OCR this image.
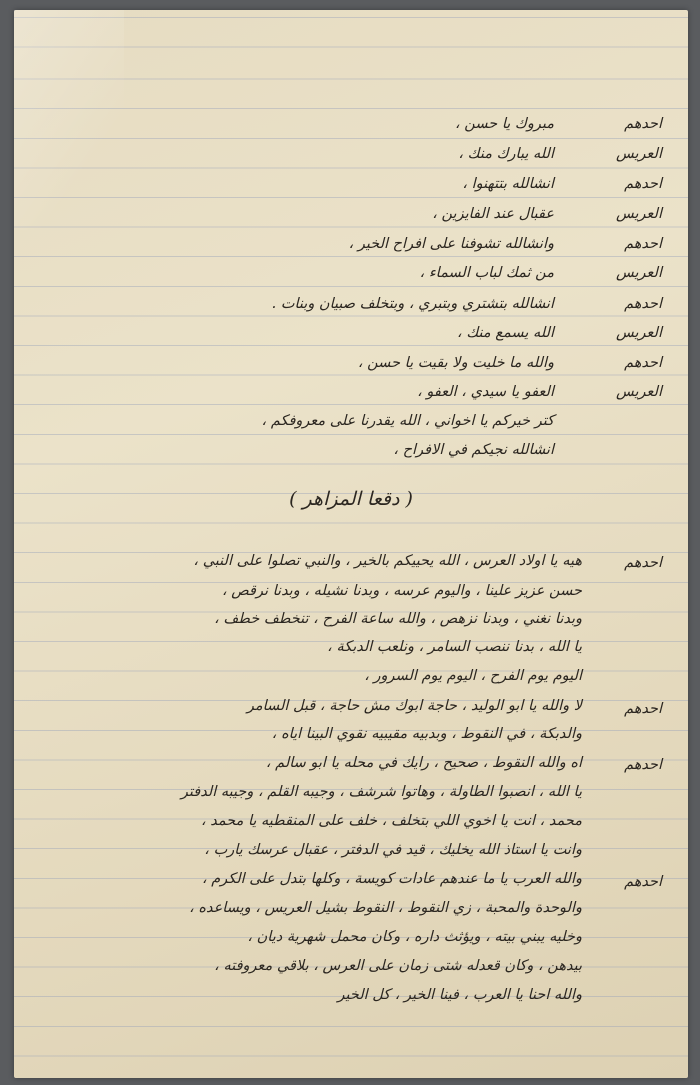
احدهم
مبروك يا حسن ،
العريس
الله يبارك منك ،
احدهم
انشالله بتتهنوا ،
العريس
عقبال عند الفايزين ،
احدهم
وانشالله تشوفنا على افراح الخير ،
العريس
من ثمك لباب السماء ،
احدهم
انشالله بتشتري وبتبري ، وبتخلف صبيان وبنات .
العريس
الله يسمع منك ،
احدهم
والله ما خليت ولا بقيت يا حسن ،
العريس
العفو يا سيدي ، العفو ،
كتر خيركم يا اخواني ، الله يقدرنا على معروفكم ،
انشالله نجيكم في الافراح ،
( دقعا المزاهر )
احدهم
هيه يا اولاد العرس ، الله يحييكم بالخير ، والنبي تصلوا على النبي ،
حسن عزيز علينا ، واليوم عرسه ، وبدنا نشيله ، وبدنا نرقص ،
وبدنا نغني ، وبدنا نزهص ، والله ساعة الفرح ، تنخطف خطف ،
يا الله ، بدنا ننصب السامر ، ونلعب الدبكة ،
اليوم يوم الفرح ، اليوم يوم السرور ،
احدهم
لا والله يا ابو الوليد ، حاجة ابوك مش حاجة ، قبل السامر
والدبكة ، في النقوط ، وبدبيه مقيبيه نقوي البينا اياه ،
احدهم
اه والله النقوط ، صحيح ، رايك في محله يا ابو سالم ،
يا الله ، انصبوا الطاولة ، وهاتوا شرشف ، وجيبه القلم ، وجيبه الدفتر
محمد ، انت يا اخوي اللي بتخلف ، خلف على المنقطيه يا محمد ،
وانت يا استاذ الله يخليك ، قيد في الدفتر ، عقبال عرسك يارب ،
احدهم
والله العرب يا ما عندهم عادات كويسة ، وكلها بتدل على الكرم ،
والوحدة والمحبة ، زي النقوط ، النقوط بشيل العريس ، ويساعده ،
وخليه يبني بيته ، ويؤثث داره ، وكان محمل شهرية ديان ،
بيدهن ، وكان قعدله شتى زمان على العرس ، بلاقي معروفته ،
والله احنا يا العرب ، فينا الخير ، كل الخير
